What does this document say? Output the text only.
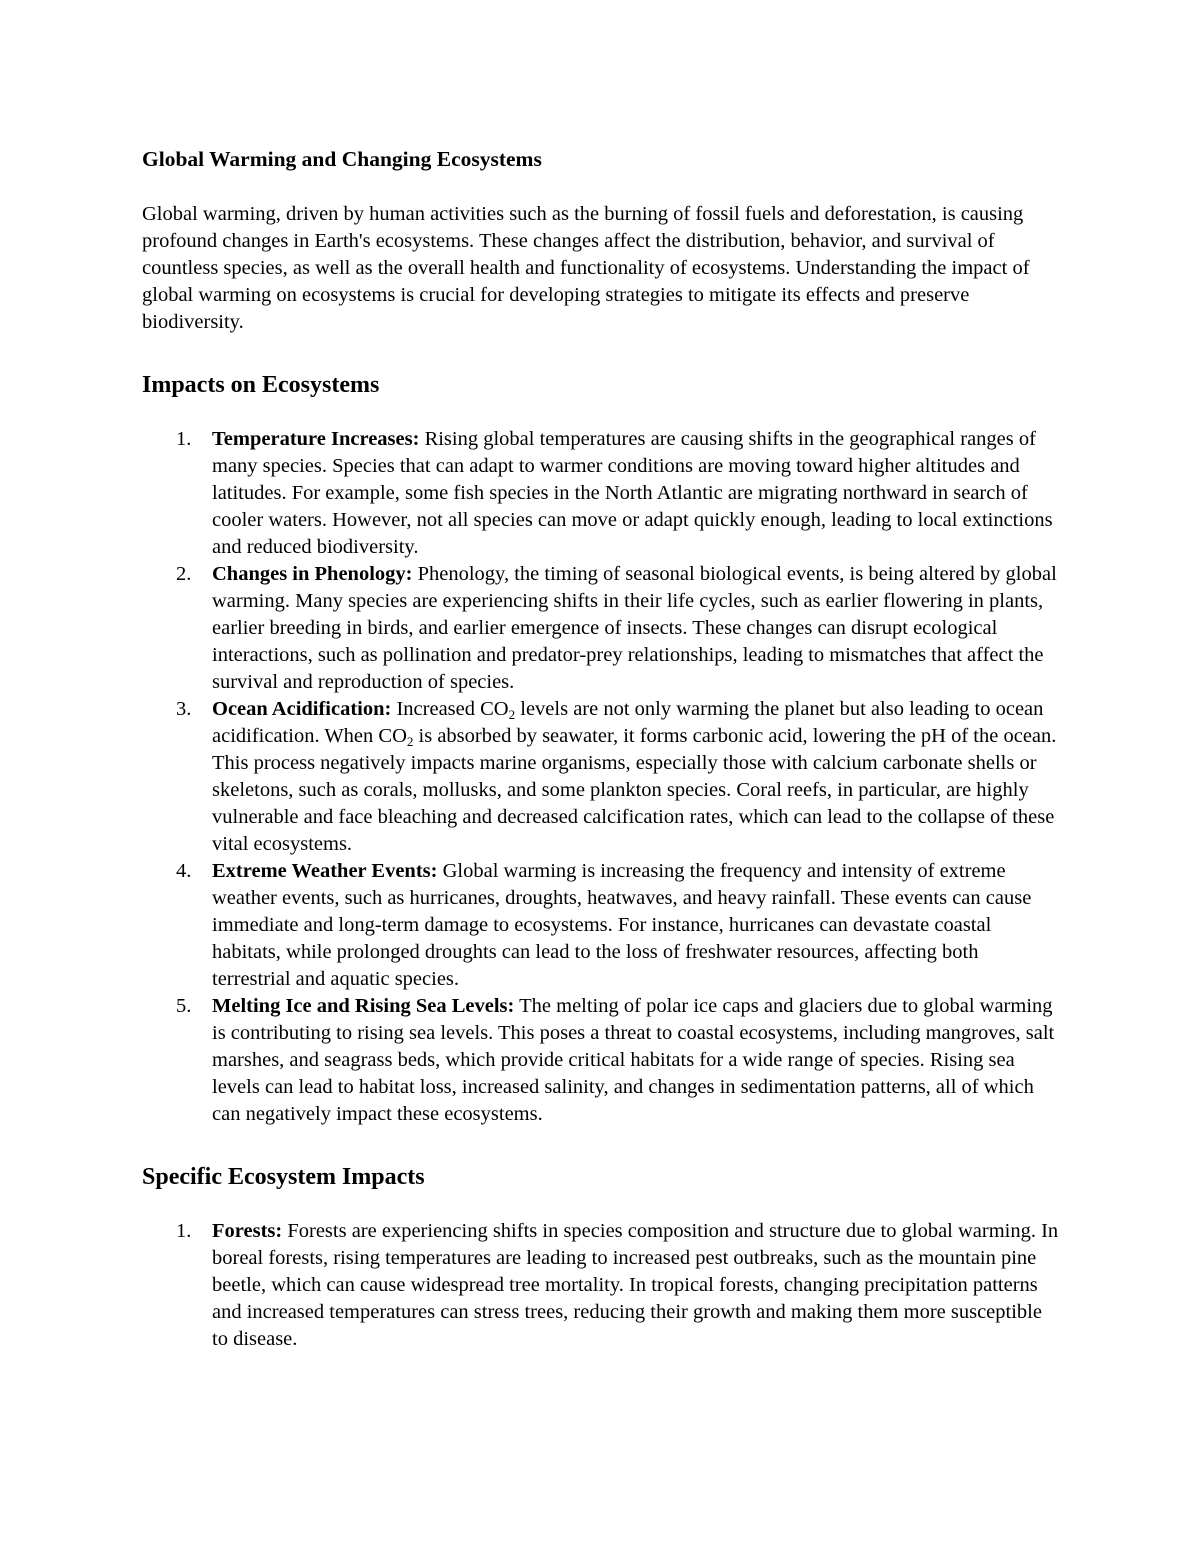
Global Warming and Changing Ecosystems

Global warming, driven by human activities such as the burning of fossil fuels and deforestation, is causing profound changes in Earth's ecosystems. These changes affect the distribution, behavior, and survival of countless species, as well as the overall health and functionality of ecosystems. Understanding the impact of global warming on ecosystems is crucial for developing strategies to mitigate its effects and preserve biodiversity.

Impacts on Ecosystems
1. Temperature Increases: Rising global temperatures are causing shifts in the geographical ranges of many species. Species that can adapt to warmer conditions are moving toward higher altitudes and latitudes. For example, some fish species in the North Atlantic are migrating northward in search of cooler waters. However, not all species can move or adapt quickly enough, leading to local extinctions and reduced biodiversity.
2. Changes in Phenology: Phenology, the timing of seasonal biological events, is being altered by global warming. Many species are experiencing shifts in their life cycles, such as earlier flowering in plants, earlier breeding in birds, and earlier emergence of insects. These changes can disrupt ecological interactions, such as pollination and predator-prey relationships, leading to mismatches that affect the survival and reproduction of species.
3. Ocean Acidification: Increased $CO_2$ levels are not only warming the planet but also leading to ocean acidification. When $CO_2$ is absorbed by seawater, it forms carbonic acid, lowering the pH of the ocean. This process negatively impacts marine organisms, especially those with calcium carbonate shells or skeletons, such as corals, mollusks, and some plankton species. Coral reefs, in particular, are highly vulnerable and face bleaching and decreased calcification rates, which can lead to the collapse of these vital ecosystems.
4. Extreme Weather Events: Global warming is increasing the frequency and intensity of extreme weather events, such as hurricanes, droughts, heatwaves, and heavy rainfall. These events can cause immediate and long-term damage to ecosystems. For instance, hurricanes can devastate coastal habitats, while prolonged droughts can lead to the loss of freshwater resources, affecting both terrestrial and aquatic species.
5. Melting Ice and Rising Sea Levels: The melting of polar ice caps and glaciers due to global warming is contributing to rising sea levels. This poses a threat to coastal ecosystems, including mangroves, salt marshes, and seagrass beds, which provide critical habitats for a wide range of species. Rising sea levels can lead to habitat loss, increased salinity, and changes in sedimentation patterns, all of which can negatively impact these ecosystems.
Specific Ecosystem Impacts
1. Forests: Forests are experiencing shifts in species composition and structure due to global warming. In boreal forests, rising temperatures are leading to increased pest outbreaks, such as the mountain pine beetle, which can cause widespread tree mortality. In tropical forests, changing precipitation patterns and increased temperatures can stress trees, reducing their growth and making them more susceptible to disease.
